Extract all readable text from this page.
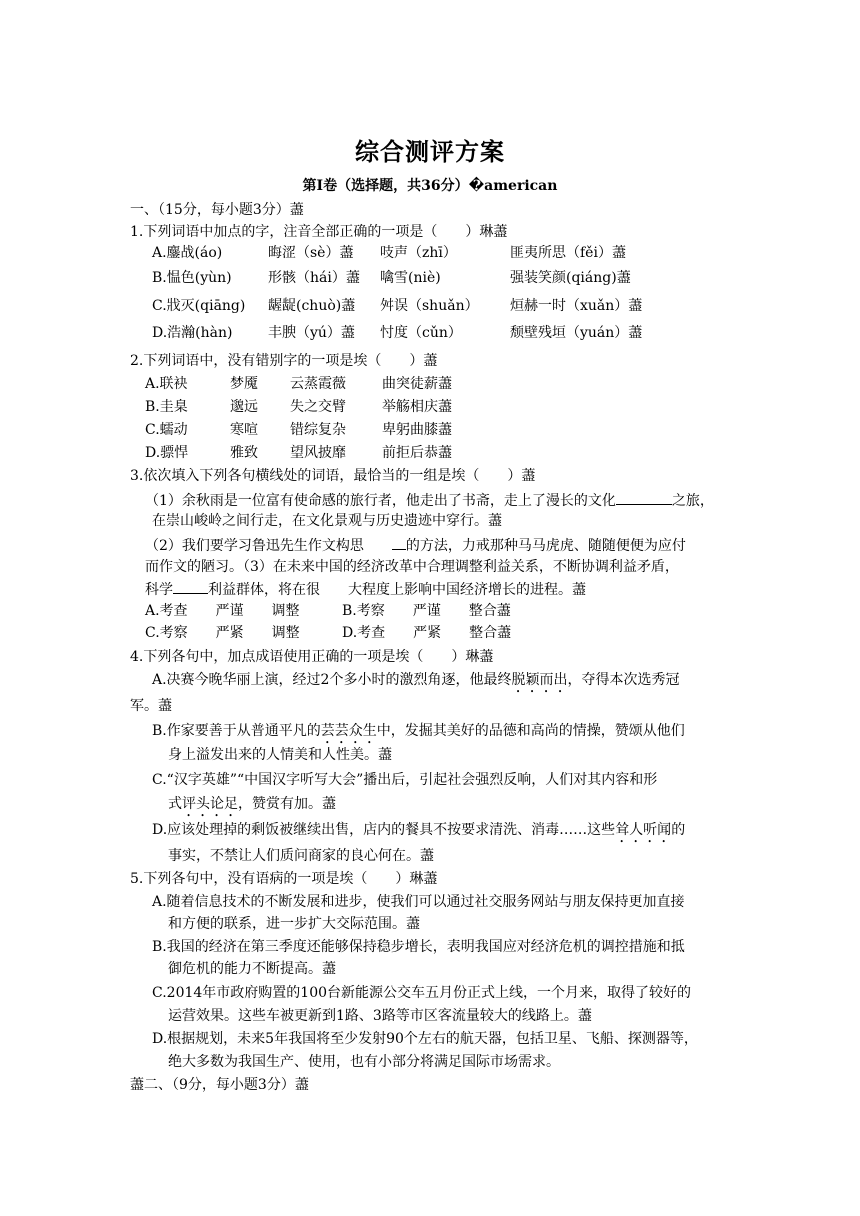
综合测评方案
第Ⅰ卷（选择题，共36分）�american
一、（15分，每小题3分）藎
1.下列词语中加点的字，注音全部正确的一项是（　　）琳藎
A.鏖战(áo)	晦涩（sè）藎 吱声（zhī）	匪夷所思（fěi）藎
B.愠色(yùn)	形骸（hái）藎 噙雪(niè)	强装笑颜(qiáng)藎
C.戕灭(qiāng) 龌龊(chuò)藎 舛误（shuǎn） 烜赫一时（xuǎn）藎
D.浩瀚(hàn)	丰腴（yú）藎 忖度（cǔn）	颓壁残垣（yuán）藎
2.下列词语中，没有错别字的一项是埃（　　）藎
A.联袂	梦魇 云蒸霞薇	曲突徒薪藎
B.圭臬	邈远 失之交臂	举觞相庆藎
C.蠕动	寒喧 错综复杂	卑躬曲膝藎
D.骠悍	雅致 望风披靡	前拒后恭藎
3.依次填入下列各句横线处的词语，最恰当的一组是埃（　　）藎
（1）余秋雨是一位富有使命感的旅行者，他走出了书斋，走上了漫长的文化	之旅，
在崇山峻岭之间行走，在文化景观与历史遗迹中穿行。藎
（2）我们要学习鲁迅先生作文构思	的方法，力戒那种马马虎虎、随随便便为应付
而作文的陋习。（3）在未来中国的经济改革中合理调整利益关系，不断协调利益矛盾，
科学	利益群体，将在很 大程度上影响中国经济增长的进程。藎
A.考查　　严谨　　调整	B.考察　　严谨　　整合藎
C.考察　　严紧　　调整	D.考查　　严紧　　整合藎
4.下列各句中，加点成语使用正确的一项是埃（　　）琳藎
A.决赛今晚华丽上演，经过2个多小时的激烈角逐，他最终脱颖而出，夺得本次选秀冠
军。藎
B.作家要善于从普通平凡的芸芸众生中，发掘其美好的品德和高尚的情操，赞颂从他们
身上溢发出来的人情美和人性美。藎
C.“汉字英雄”“中国汉字听写大会”播出后，引起社会强烈反响，人们对其内容和形
式评头论足，赞赏有加。藎
D.应该处理掉的剩饭被继续出售，店内的餐具不按要求清洗、消毒……这些耸人听闻的
事实，不禁让人们质问商家的良心何在。藎
5.下列各句中，没有语病的一项是埃（　　）琳藎
A.随着信息技术的不断发展和进步，使我们可以通过社交服务网站与朋友保持更加直接
和方便的联系，进一步扩大交际范围。藎
B.我国的经济在第三季度还能够保持稳步增长，表明我国应对经济危机的调控措施和抵
御危机的能力不断提高。藎
C.2014年市政府购置的100台新能源公交车五月份正式上线，一个月来，取得了较好的
运营效果。这些车被更新到1路、3路等市区客流量较大的线路上。藎
D.根据规划，未来5年我国将至少发射90个左右的航天器，包括卫星、飞船、探测器等，
绝大多数为我国生产、使用，也有小部分将满足国际市场需求。
藎二、（9分，每小题3分）藎
